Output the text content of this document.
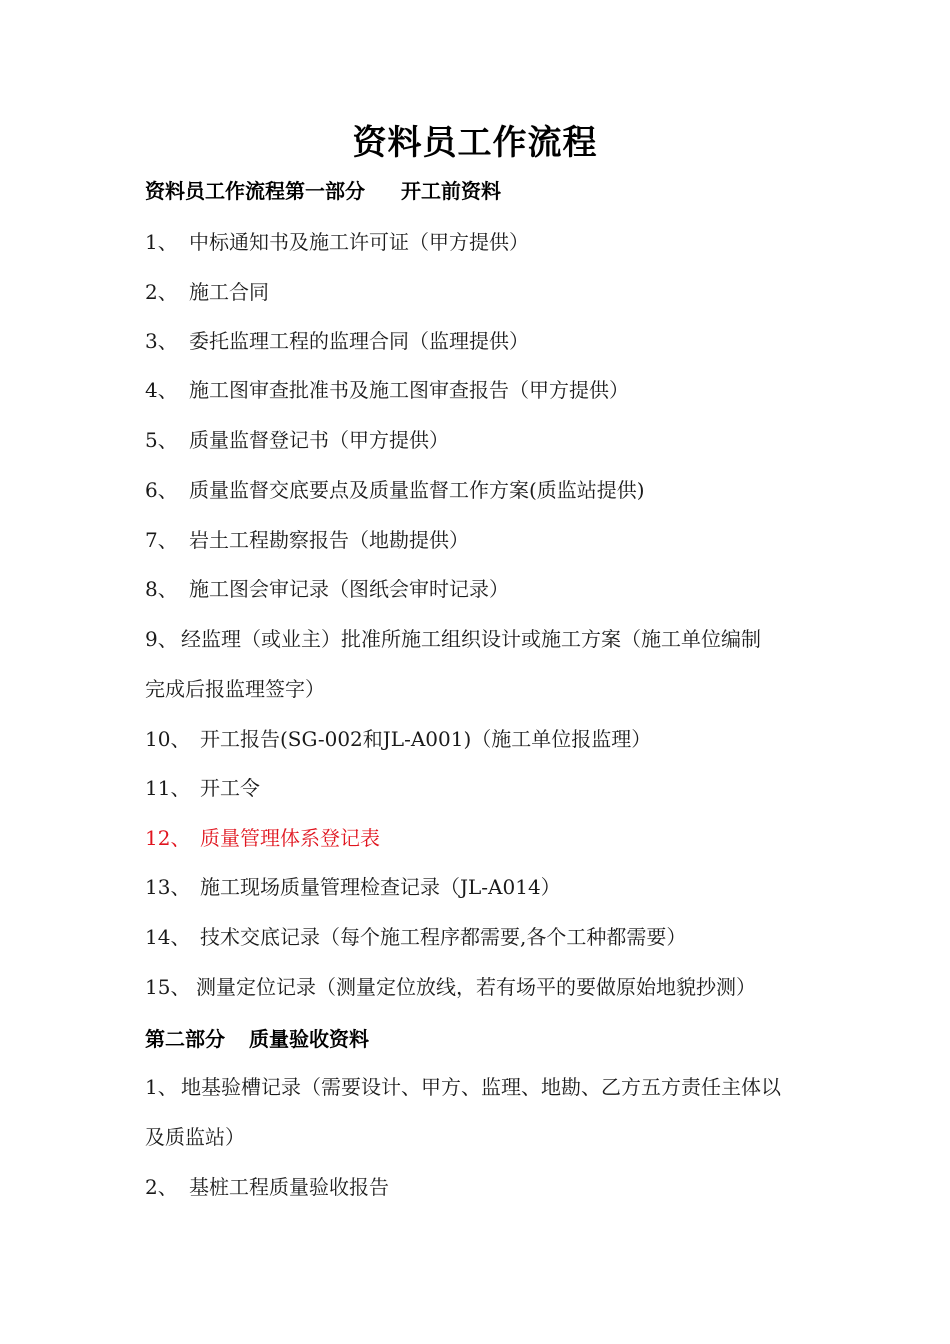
资料员工作流程
资料员工作流程第一部分 开工前资料
1、 中标通知书及施工许可证（甲方提供）
2、 施工合同
3、 委托监理工程的监理合同（监理提供）
4、 施工图审查批准书及施工图审查报告（甲方提供）
5、 质量监督登记书（甲方提供）
6、 质量监督交底要点及质量监督工作方案(质监站提供)
7、 岩土工程勘察报告（地勘提供）
8、 施工图会审记录（图纸会审时记录）
9、 经监理（或业主）批准所施工组织设计或施工方案（施工单位编制
完成后报监理签字）
10、 开工报告(SG-002和JL-A001)（施工单位报监理）
11、 开工令
12、 质量管理体系登记表
13、 施工现场质量管理检查记录（JL-A014）
14、 技术交底记录（每个施工程序都需要,各个工种都需要）
15、 测量定位记录（测量定位放线，若有场平的要做原始地貌抄测）
第二部分 质量验收资料
1、 地基验槽记录（需要设计、甲方、监理、地勘、乙方五方责任主体以
及质监站）
2、 基桩工程质量验收报告
